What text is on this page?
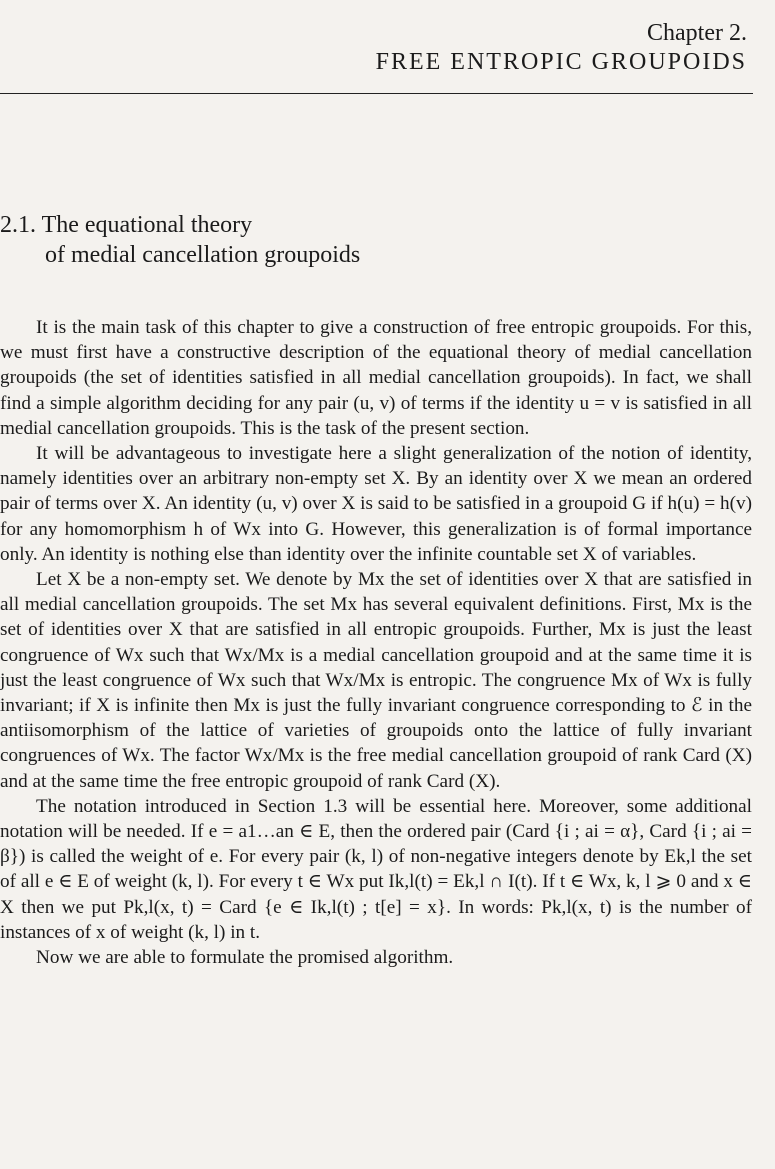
Chapter 2.
FREE ENTROPIC GROUPOIDS
2.1. The equational theory
of medial cancellation groupoids

It is the main task of this chapter to give a construction of free entropic groupoids. For this, we must first have a constructive description of the equational theory of medial cancellation groupoids (the set of identities satisfied in all medial cancellation groupoids). In fact, we shall find a simple algorithm deciding for any pair (u, v) of terms if the identity u = v is satisfied in all medial cancellation groupoids. This is the task of the present section.

It will be advantageous to investigate here a slight generalization of the notion of identity, namely identities over an arbitrary non-empty set X. By an identity over X we mean an ordered pair of terms over X. An identity (u, v) over X is said to be satisfied in a groupoid G if h(u) = h(v) for any homomorphism h of Wx into G. However, this generalization is of formal importance only. An identity is nothing else than identity over the infinite countable set X of variables.

Let X be a non-empty set. We denote by Mx the set of identities over X that are satisfied in all medial cancellation groupoids. The set Mx has several equivalent definitions. First, Mx is the set of identities over X that are satisfied in all entropic groupoids. Further, Mx is just the least congruence of Wx such that Wx/Mx is a medial cancellation groupoid and at the same time it is just the least congruence of Wx such that Wx/Mx is entropic. The congruence Mx of Wx is fully invariant; if X is infinite then Mx is just the fully invariant congruence corresponding to ℰ in the antiisomorphism of the lattice of varieties of groupoids onto the lattice of fully invariant congruences of Wx. The factor Wx/Mx is the free medial cancellation groupoid of rank Card (X) and at the same time the free entropic groupoid of rank Card (X).

The notation introduced in Section 1.3 will be essential here. Moreover, some additional notation will be needed. If e = a1…an ∈ E, then the ordered pair (Card {i ; ai = α}, Card {i ; ai = β}) is called the weight of e. For every pair (k, l) of non-negative integers denote by Ek,l the set of all e ∈ E of weight (k, l). For every t ∈ Wx put Ik,l(t) = Ek,l ∩ I(t). If t ∈ Wx, k, l ⩾ 0 and x ∈ X then we put Pk,l(x, t) = Card {e ∈ Ik,l(t) ; t[e] = x}. In words: Pk,l(x, t) is the number of instances of x of weight (k, l) in t.

Now we are able to formulate the promised algorithm.
